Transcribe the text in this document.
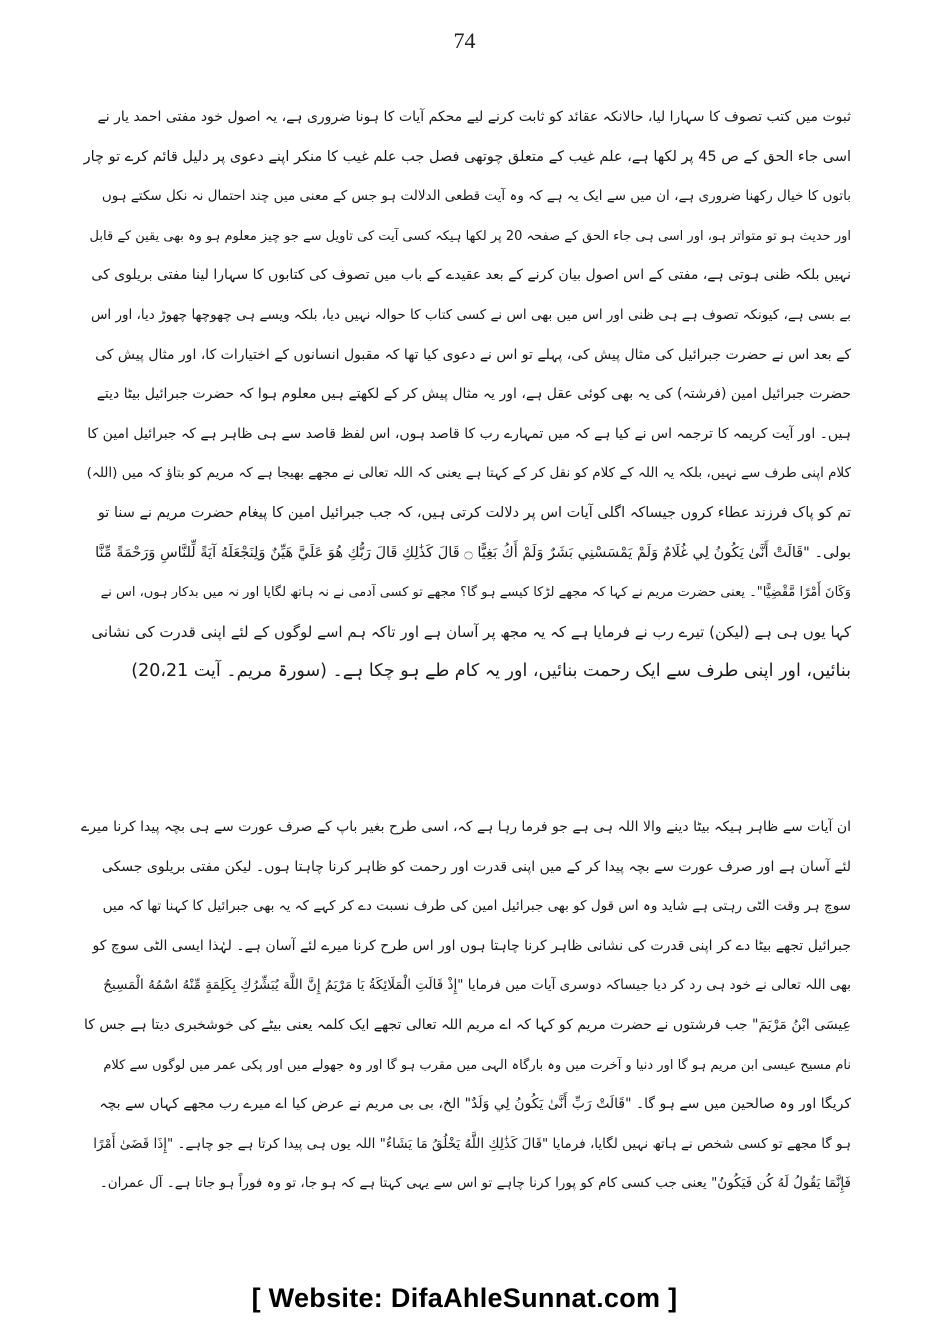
74
ثبوت میں کتب تصوف کا سہارا لیا، حالانکہ عقائد کو ثابت کرنے لیے محکم آیات کا ہونا ضروری ہے، یہ اصول خود مفتی احمد یار نے
اسی جاء الحق کے ص 45 پر لکھا ہے، علم غیب کے متعلق چوتھی فصل جب علم غیب کا منکر اپنے دعوی پر دلیل قائم کرے تو چار
باتوں کا خیال رکھنا ضروری ہے، ان میں سے ایک یہ ہے کہ وہ آیت قطعی الدلالت ہو جس کے معنی میں چند احتمال نہ نکل سکتے ہوں
اور حدیث ہو تو متواتر ہو، اور اسی ہی جاء الحق کے صفحہ 20 پر لکھا ہیکہ کسی آیت کی تاویل سے جو چیز معلوم ہو وہ بھی یقین کے قابل
نہیں بلکہ ظنی ہوتی ہے، مفتی کے اس اصول بیان کرنے کے بعد عقیدے کے باب میں تصوف کی کتابوں کا سہارا لینا مفتی بریلوی کی
بے بسی ہے، کیونکہ تصوف ہے ہی ظنی اور اس میں بھی اس نے کسی کتاب کا حوالہ نہیں دیا، بلکہ ویسے ہی چھوچھا چھوڑ دیا، اور اس
کے بعد اس نے حضرت جبرائیل کی مثال پیش کی، پہلے تو اس نے دعوی کیا تھا کہ مقبول انسانوں کے اختیارات کا، اور مثال پیش کی
حضرت جبرائیل امین (فرشتہ) کی یہ بھی کوئی عقل ہے، اور یہ مثال پیش کر کے لکھتے ہیں معلوم ہوا کہ حضرت جبرائیل بیٹا دیتے
ہیں۔ اور آیت کریمہ کا ترجمہ اس نے کیا ہے کہ میں تمہارے رب کا قاصد ہوں، اس لفظ قاصد سے ہی ظاہر ہے کہ جبرائیل امین کا
کلام اپنی طرف سے نہیں، بلکہ یہ اللہ کے کلام کو نقل کر کے کہتا ہے یعنی کہ اللہ تعالی نے مجھے بھیجا ہے کہ مریم کو بتاؤ کہ میں (اللہ)
تم کو پاک فرزند عطاء کروں جیساکہ اگلی آیات اس پر دلالت کرتی ہیں، کہ جب جبرائیل امین کا پیغام حضرت مریم نے سنا تو
بولی۔ "قَالَتْ أَنَّىٰ يَكُونُ لِي غُلَامٌ وَلَمْ يَمْسَسْنِي بَشَرٌ وَلَمْ أَكُ بَغِيًّا ۝ قَالَ كَذَٰلِكِ قَالَ رَبُّكِ هُوَ عَلَيَّ هَيِّنٌ وَلِنَجْعَلَهُ آيَةً لِّلنَّاسِ وَرَحْمَةً مِّنَّا
وَكَانَ أَمْرًا مَّقْضِيًّا"۔ یعنی حضرت مریم نے کہا کہ مجھے لڑکا کیسے ہو گا؟ مجھے تو کسی آدمی نے نہ ہاتھ لگایا اور نہ میں بدکار ہوں، اس نے
کہا یوں ہی ہے (لیکن) تیرے رب نے فرمایا ہے کہ یہ مجھ پر آسان ہے اور تاکہ ہم اسے لوگوں کے لئے اپنی قدرت کی نشانی
بنائیں، اور اپنی طرف سے ایک رحمت بنائیں، اور یہ کام طے ہو چکا ہے۔ (سورۃ مریم۔ آیت 20،21)
ان آیات سے ظاہر ہیکہ بیٹا دینے والا اللہ ہی ہے جو فرما رہا ہے کہ، اسی طرح بغیر باپ کے صرف عورت سے ہی بچہ پیدا کرنا میرے
لئے آسان ہے اور صرف عورت سے بچہ پیدا کر کے میں اپنی قدرت اور رحمت کو ظاہر کرنا چاہتا ہوں۔ لیکن مفتی بریلوی جسکی
سوچ ہر وقت الٹی رہتی ہے شاید وہ اس قول کو بھی جبرائیل امین کی طرف نسبت دے کر کہے کہ یہ بھی جبرائیل کا کہنا تھا کہ میں
جبرائیل تجھے بیٹا دے کر اپنی قدرت کی نشانی ظاہر کرنا چاہتا ہوں اور اس طرح کرنا میرے لئے آسان ہے۔ لہٰذا ایسی الٹی سوچ کو
بھی اللہ تعالی نے خود ہی رد کر دیا جیساکہ دوسری آیات میں فرمایا "إِذْ قَالَتِ الْمَلَائِكَةُ يَا مَرْيَمُ إِنَّ اللَّهَ يُبَشِّرُكِ بِكَلِمَةٍ مِّنْهُ اسْمُهُ الْمَسِيحُ
عِيسَى ابْنُ مَرْيَمَ" جب فرشتوں نے حضرت مریم کو کہا کہ اے مریم اللہ تعالی تجھے ایک کلمہ یعنی بیٹے کی خوشخبری دیتا ہے جس کا
نام مسیح عیسی ابن مریم ہو گا اور دنیا و آخرت میں وہ بارگاہ الہی میں مقرب ہو گا اور وہ جھولے میں اور پکی عمر میں لوگوں سے کلام
کریگا اور وہ صالحین میں سے ہو گا۔ "قَالَتْ رَبِّ أَنَّىٰ يَكُونُ لِي وَلَدٌ" الخ، بی بی مریم نے عرض کیا اے میرے رب مجھے کہاں سے بچہ
ہو گا مجھے تو کسی شخص نے ہاتھ نہیں لگایا، فرمایا "قَالَ كَذَٰلِكِ اللَّهُ يَخْلُقُ مَا يَشَاءُ" اللہ یوں ہی پیدا کرتا ہے جو چاہے۔ "إِذَا قَضَىٰ أَمْرًا
فَإِنَّمَا يَقُولُ لَهُ كُن فَيَكُونُ" یعنی جب کسی کام کو پورا کرنا چاہے تو اس سے یہی کہتا ہے کہ ہو جا، تو وہ فوراً ہو جاتا ہے۔ آل عمران۔
[ Website: DifaAhleSunnat.com ]
